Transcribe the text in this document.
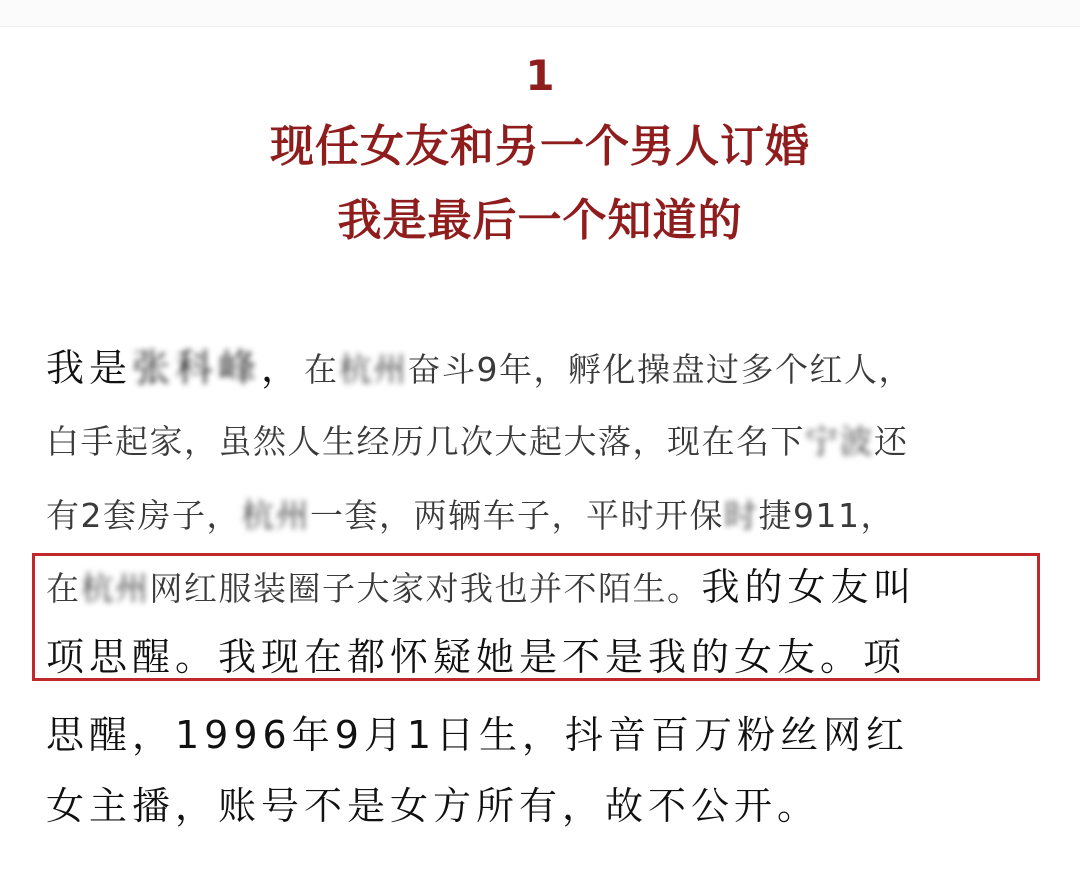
1
现任女友和另一个男人订婚
我是最后一个知道的
我是张科峰，在杭州奋斗9年，孵化操盘过多个红人，
白手起家，虽然人生经历几次大起大落，现在名下宁波还
有2套房子，杭州一套，两辆车子，平时开保时捷911，
在杭州网红服装圈子大家对我也并不陌生。我的女友叫
项思醒。我现在都怀疑她是不是我的女友。项
思醒，1996年9月1日生，抖音百万粉丝网红
女主播，账号不是女方所有，故不公开。
